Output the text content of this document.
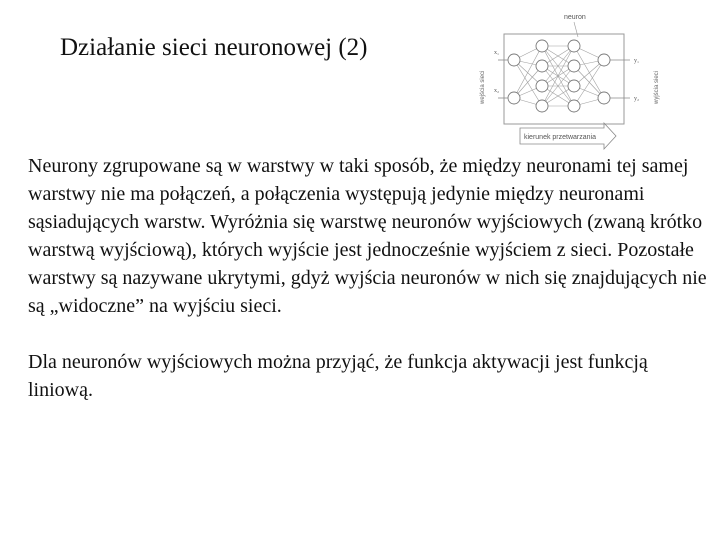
Działanie sieci neuronowej (2)
neuron
wejścia sieci	wyjścia sieci
x₁
x₂
y₁
y₂
kierunek przetwarzania

Neurony zgrupowane są w warstwy w taki sposób, że między neuronami tej samej warstwy nie ma połączeń, a połączenia występują jedynie między neuronami sąsiadujących warstw. Wyróżnia się warstwę neuronów wyjściowych (zwaną krótko warstwą wyjściową), których wyjście jest jednocześnie wyjściem z sieci. Pozostałe warstwy są nazywane ukrytymi, gdyż wyjścia neuronów w nich się znajdujących nie są „widoczne” na wyjściu sieci.

Dla neuronów wyjściowych można przyjąć, że funkcja aktywacji jest funkcją liniową.
